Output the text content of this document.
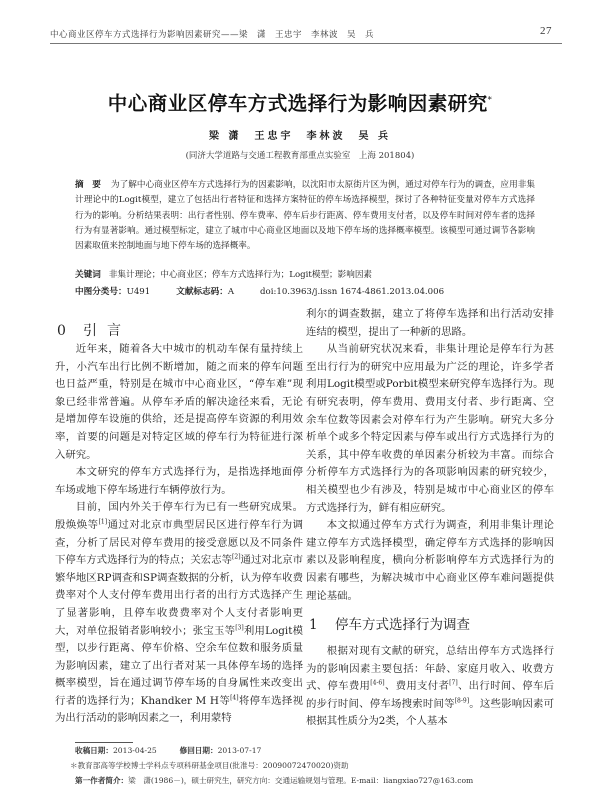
中心商业区停车方式选择行为影响因素研究——梁　潇　王忠宇　李林波　吴　兵	27
中心商业区停车方式选择行为影响因素研究*
梁 潇　王忠宇　李林波　吴 兵
(同济大学道路与交通工程教育部重点实验室　上海 201804)
摘　要 为了解中心商业区停车方式选择行为的因素影响，以沈阳市太原街片区为例，通过对停车行为的调查，应用非集计理论中的Logit模型，建立了包括出行者特征和选择方案特征的停车场选择模型，探讨了各种特征变量对停车方式选择行为的影响。分析结果表明：出行者性别、停车费率、停车后步行距离、停车费用支付者，以及停车时间对停车者的选择行为有显著影响。通过模型标定，建立了城市中心商业区地面以及地下停车场的选择概率模型。该模型可通过调节各影响因素取值来控制地面与地下停车场的选择概率。
关键词 非集计理论；中心商业区；停车方式选择行为；Logit模型；影响因素
中图分类号：U491	文献标志码：A	doi:10.3963/j.issn 1674-4861.2013.04.006
0 引言

近年来，随着各大中城市的机动车保有量持续上升，小汽车出行比例不断增加，随之而来的停车问题也日益严重，特别是在城市中心商业区，“停车难”现象已经非常普遍。从停车矛盾的解决途径来看，无论是增加停车设施的供给，还是提高停车资源的利用效率，首要的问题是对特定区域的停车行为特征进行深入研究。

本文研究的停车方式选择行为，是指选择地面停车场或地下停车场进行车辆停放行为。

目前，国内外关于停车行为已有一些研究成果。殷焕焕等[1]通过对北京市典型居民区进行停车行为调查，分析了居民对停车费用的接受意愿以及不同条件下停车方式选择行为的特点；关宏志等[2]通过对北京市繁华地区RP调查和SP调查数据的分析，认为停车收费费率对个人支付停车费用出行者的出行方式选择产生了显著影响，且停车收费费率对个人支付者影响更大，对单位报销者影响较小；张宝玉等[3]利用Logit模型，以步行距离、停车价格、空余车位数和服务质量为影响因素，建立了出行者对某一具体停车场的选择概率模型，旨在通过调节停车场的自身属性来改变出行者的选择行为；Khandker M H等[4]将停车选择视为出行活动的影响因素之一，利用蒙特

利尔的调查数据，建立了将停车选择和出行活动安排连结的模型，提出了一种新的思路。

从当前研究状况来看，非集计理论是停车行为甚至出行行为的研究中应用最为广泛的理论，许多学者利用Logit模型或Porbit模型来研究停车选择行为。现有研究表明，停车费用、费用支付者、步行距离、空余车位数等因素会对停车行为产生影响。研究大多分析单个或多个特定因素与停车或出行方式选择行为的关系，其中停车收费的单因素分析较为丰富。而综合分析停车方式选择行为的各项影响因素的研究较少，相关模型也少有涉及，特别是城市中心商业区的停车方式选择行为，鲜有相应研究。

本文拟通过停车方式行为调查，利用非集计理论建立停车方式选择模型，确定停车方式选择的影响因素以及影响程度，横向分析影响停车方式选择行为的因素有哪些，为解决城市中心商业区停车难问题提供理论基础。

1 停车方式选择行为调查

根据对现有文献的研究，总结出停车方式选择行为的影响因素主要包括：年龄、家庭月收入、收费方式、停车费用[4-6]、费用支付者[7]、出行时间、停车后的步行时间、停车场搜索时间等[8-9]。这些影响因素可根据其性质分为2类，个人基本

收稿日期：2013-04-25	修回日期：2013-07-17
＊教育部高等学校博士学科点专项科研基金项目(批准号：20090072470020)资助
第一作者简介：梁　潇(1986－)，硕士研究生，研究方向：交通运输规划与管理。E-mail：liangxiao727@163.com
